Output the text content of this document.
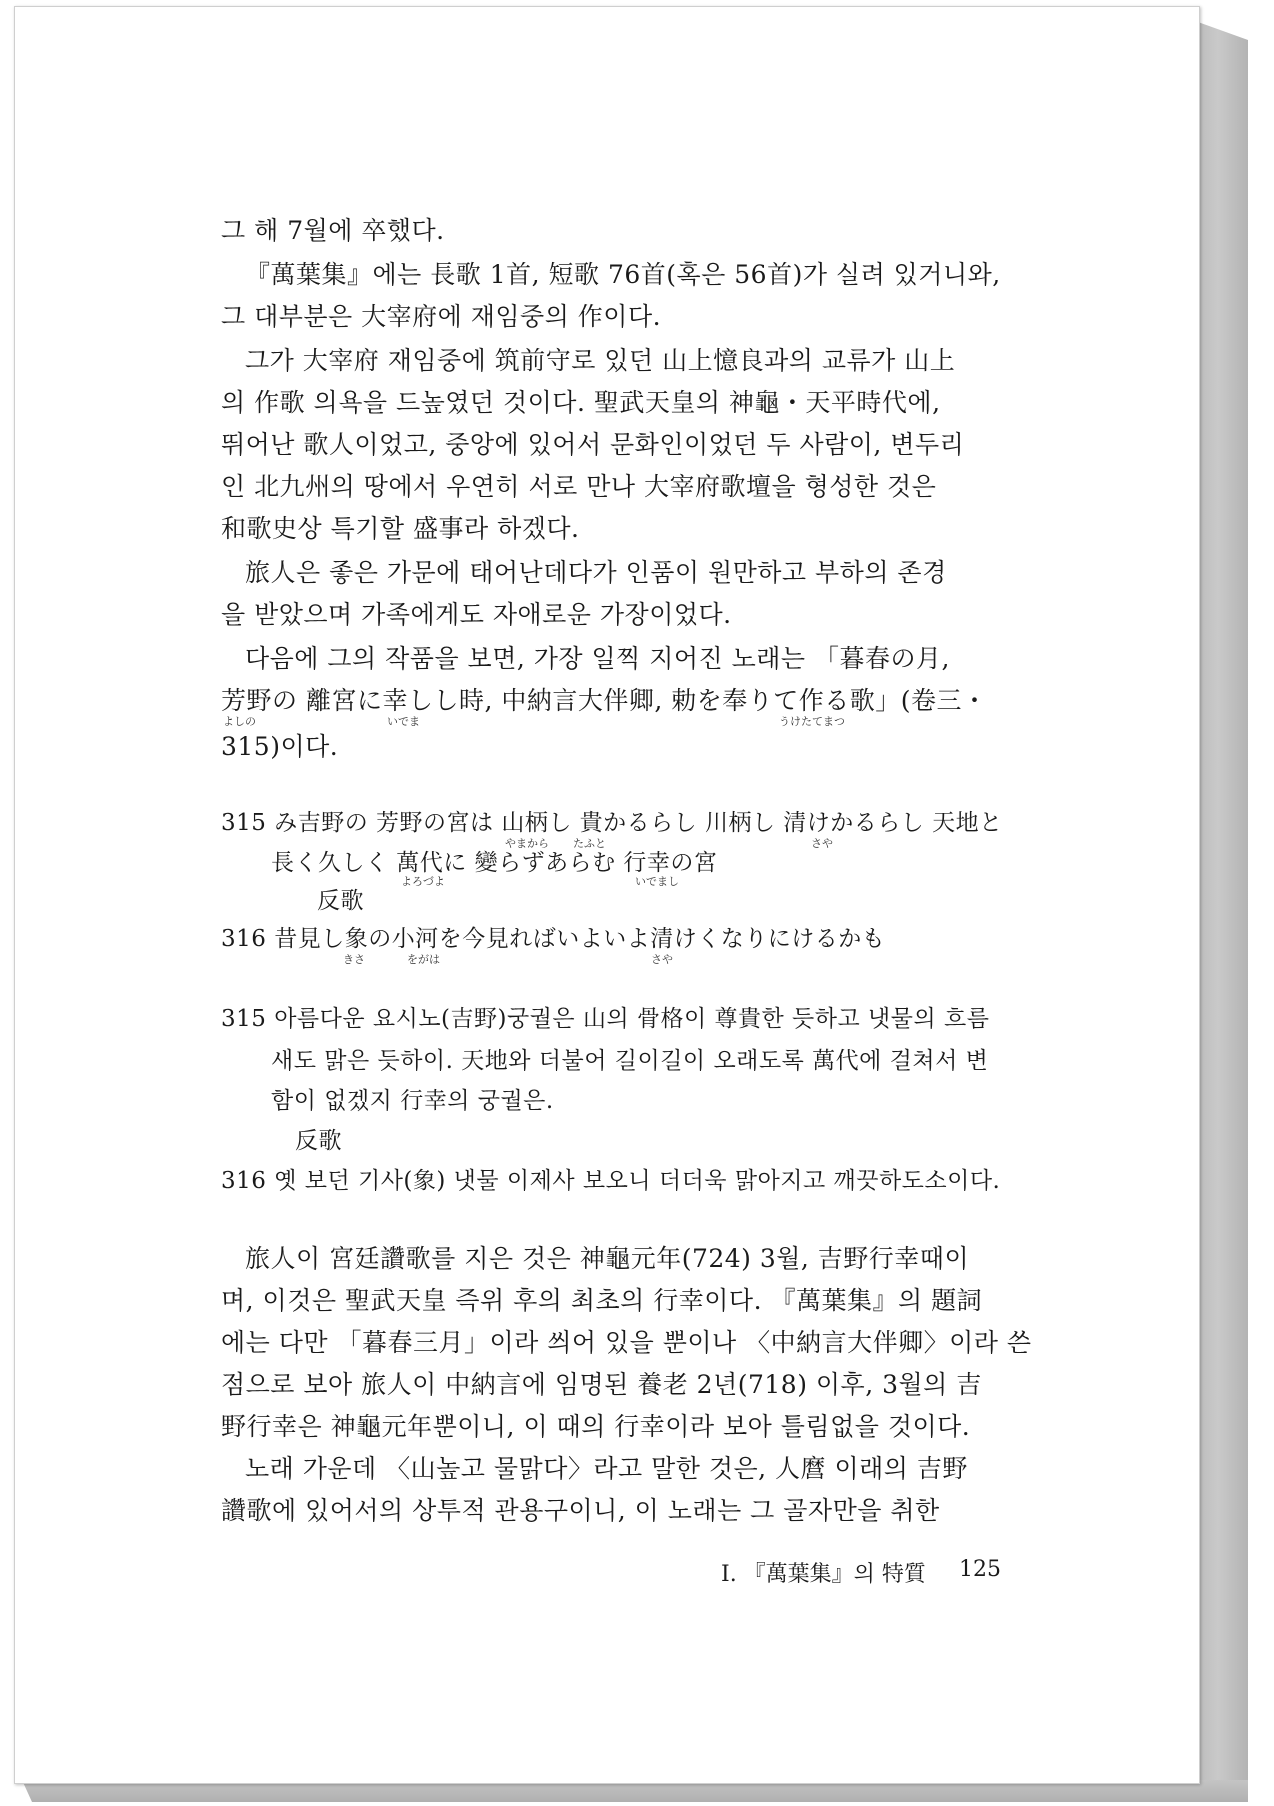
그 해 7월에 卒했다.
『萬葉集』에는 長歌 1首, 短歌 76首(혹은 56首)가 실려 있거니와,
그 대부분은 大宰府에 재임중의 作이다.
그가 大宰府 재임중에 筑前守로 있던 山上憶良과의 교류가 山上
의 作歌 의욕을 드높였던 것이다. 聖武天皇의 神龜・天平時代에,
뛰어난 歌人이었고, 중앙에 있어서 문화인이었던 두 사람이, 변두리
인 北九州의 땅에서 우연히 서로 만나 大宰府歌壇을 형성한 것은
和歌史상 특기할 盛事라 하겠다.
旅人은 좋은 가문에 태어난데다가 인품이 원만하고 부하의 존경
을 받았으며 가족에게도 자애로운 가장이었다.
다음에 그의 작품을 보면, 가장 일찍 지어진 노래는 「暮春の月,
芳野の 離宮に幸しし時, 中納言大伴卿, 勅を奉りて作る歌」(卷三・
よしの	いでま	うけたてまつ
315)이다.
315 み吉野の 芳野の宮は 山柄し 貴かるらし 川柄し 清けかるらし 天地と
やまから たふと	さや
長く久しく 萬代に 變らずあらむ 行幸の宮
よろづよ	いでまし
反歌
316 昔見し象の小河を今見ればいよいよ清けくなりにけるかも
きさ	をがは	さや
315 아름다운 요시노(吉野)궁궐은 山의 骨格이 尊貴한 듯하고 냇물의 흐름
새도 맑은 듯하이. 天地와 더불어 길이길이 오래도록 萬代에 걸쳐서 변
함이 없겠지 行幸의 궁궐은.
反歌
316 옛 보던 기사(象) 냇물 이제사 보오니 더더욱 맑아지고 깨끗하도소이다.
旅人이 宮廷讚歌를 지은 것은 神龜元年(724) 3월, 吉野行幸때이
며, 이것은 聖武天皇 즉위 후의 최초의 行幸이다. 『萬葉集』의 題詞
에는 다만 「暮春三月」이라 씌어 있을 뿐이나 〈中納言大伴卿〉이라 쓴
점으로 보아 旅人이 中納言에 임명된 養老 2년(718) 이후, 3월의 吉
野行幸은 神龜元年뿐이니, 이 때의 行幸이라 보아 틀림없을 것이다.
노래 가운데 〈山높고 물맑다〉라고 말한 것은, 人麿 이래의 吉野
讚歌에 있어서의 상투적 관용구이니, 이 노래는 그 골자만을 취한
I. 『萬葉集』의 特質 125
